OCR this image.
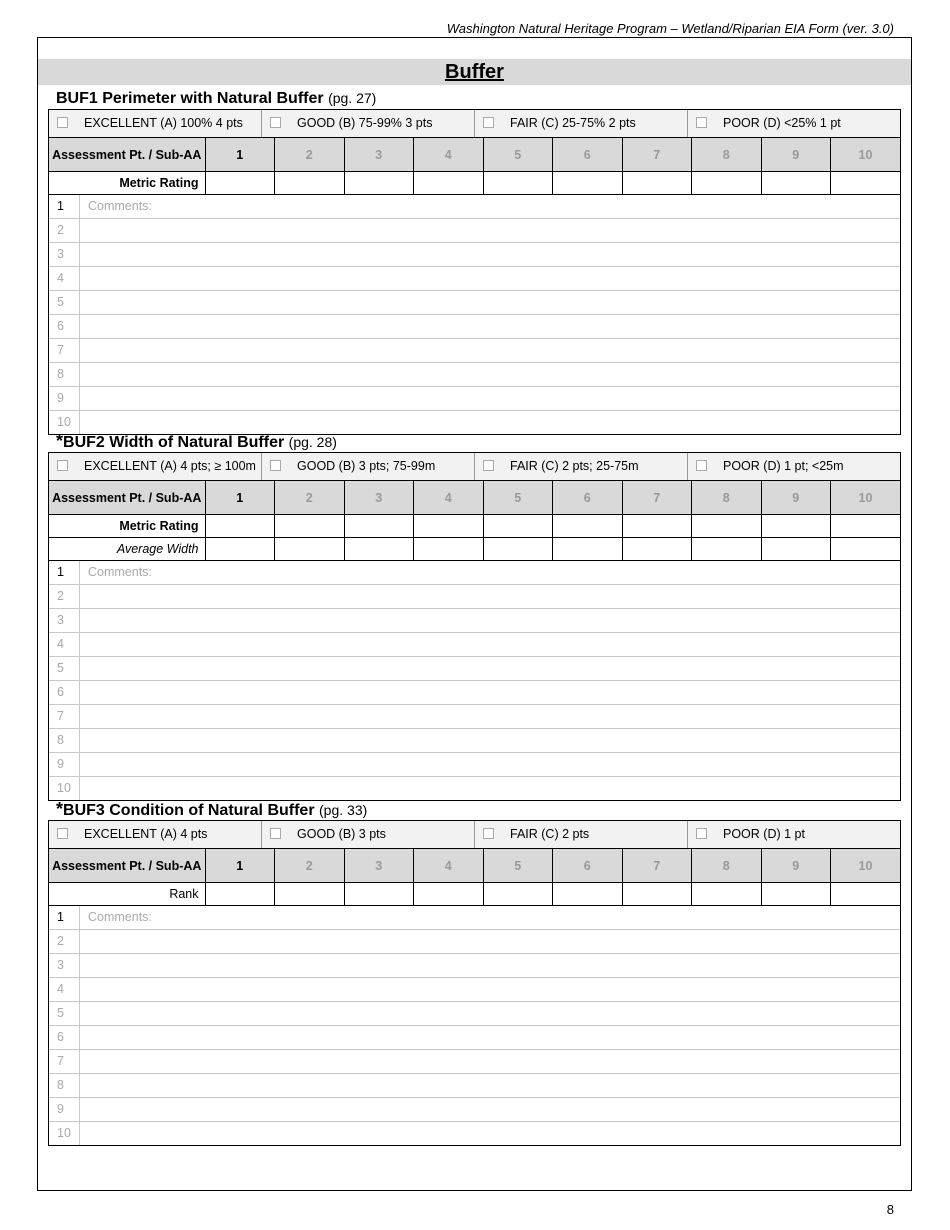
Washington Natural Heritage Program – Wetland/Riparian EIA Form (ver. 3.0)
Buffer
BUF1 Perimeter with Natural Buffer (pg. 27)
EXCELLENT (A) 100% 4 pts	GOOD (B) 75-99% 3 pts	FAIR (C) 25-75% 2 pts	POOR (D) <25% 1 pt
Assessment Pt. / Sub-AA	1	2	3	4	5	6	7	8	9	10
Metric Rating										
1	Comments:
2
3
4
5
6
7
8
9
10
*BUF2 Width of Natural Buffer (pg. 28)
EXCELLENT (A) 4 pts; ≥ 100m	GOOD (B) 3 pts; 75-99m	FAIR (C) 2 pts; 25-75m	POOR (D) 1 pt; <25m
Assessment Pt. / Sub-AA	1	2	3	4	5	6	7	8	9	10
Metric Rating										
Average Width										
1	Comments:
2
3
4
5
6
7
8
9
10
*BUF3 Condition of Natural Buffer (pg. 33)
EXCELLENT (A) 4 pts	GOOD (B) 3 pts	FAIR (C) 2 pts	POOR (D) 1 pt
Assessment Pt. / Sub-AA	1	2	3	4	5	6	7	8	9	10
Rank										
1	Comments:
2
3
4
5
6
7
8
9
10
8
